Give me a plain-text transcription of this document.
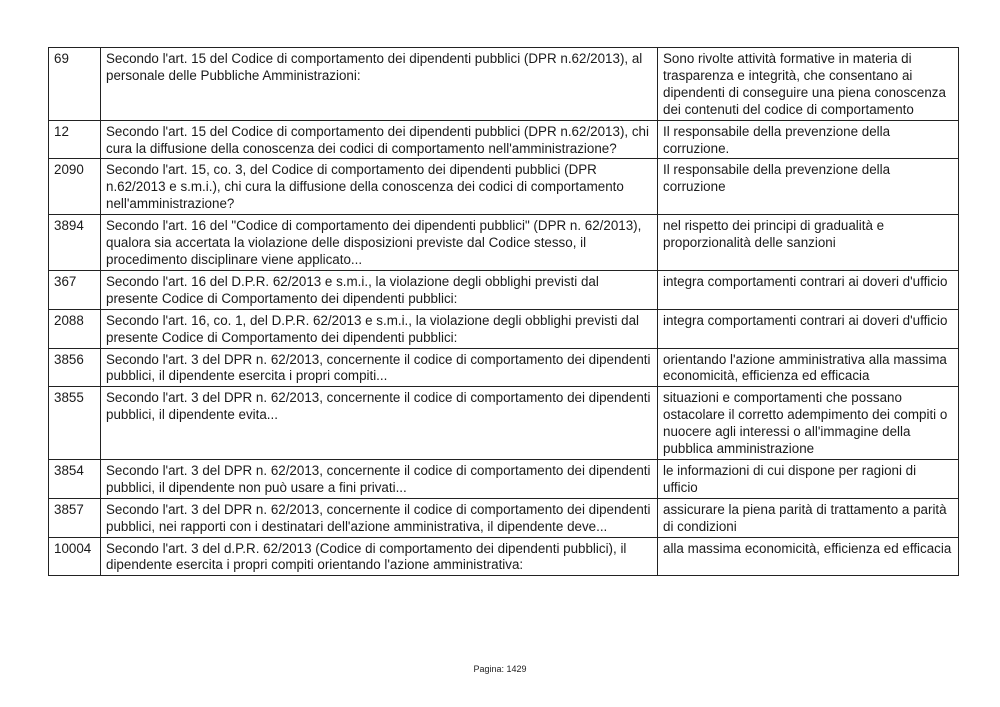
69	Secondo l'art. 15 del Codice di comportamento dei dipendenti pubblici (DPR n.62/2013), al personale delle Pubbliche Amministrazioni:	Sono rivolte attività formative in materia di trasparenza e integrità, che consentano ai dipendenti di conseguire una piena conoscenza dei contenuti del codice di comportamento
12	Secondo l'art. 15 del Codice di comportamento dei dipendenti pubblici (DPR n.62/2013), chi cura la diffusione della conoscenza dei codici di comportamento nell'amministrazione?	Il responsabile della prevenzione della corruzione.
2090	Secondo l'art. 15, co. 3, del Codice di comportamento dei dipendenti pubblici (DPR n.62/2013 e s.m.i.), chi cura la diffusione della conoscenza dei codici di comportamento nell'amministrazione?	Il responsabile della prevenzione della corruzione
3894	Secondo l'art. 16 del "Codice di comportamento dei dipendenti pubblici" (DPR n. 62/2013), qualora sia accertata la violazione delle disposizioni previste dal Codice stesso, il procedimento disciplinare viene applicato...	nel rispetto dei principi di gradualità e proporzionalità delle sanzioni
367	Secondo l'art. 16 del D.P.R. 62/2013 e s.m.i., la violazione degli obblighi previsti dal presente Codice di Comportamento dei dipendenti pubblici:	integra comportamenti contrari ai doveri d'ufficio
2088	Secondo l'art. 16, co. 1, del D.P.R. 62/2013 e s.m.i., la violazione degli obblighi previsti dal presente Codice di Comportamento dei dipendenti pubblici:	integra comportamenti contrari ai doveri d'ufficio
3856	Secondo l'art. 3 del DPR n. 62/2013, concernente il codice di comportamento dei dipendenti pubblici, il dipendente esercita i propri compiti...	orientando l'azione amministrativa alla massima economicità, efficienza ed efficacia
3855	Secondo l'art. 3 del DPR n. 62/2013, concernente il codice di comportamento dei dipendenti pubblici, il dipendente evita...	situazioni e comportamenti che possano ostacolare il corretto adempimento dei compiti o nuocere agli interessi o all'immagine della pubblica amministrazione
3854	Secondo l'art. 3 del DPR n. 62/2013, concernente il codice di comportamento dei dipendenti pubblici, il dipendente non può usare a fini privati...	le informazioni di cui dispone per ragioni di ufficio
3857	Secondo l'art. 3 del DPR n. 62/2013, concernente il codice di comportamento dei dipendenti pubblici, nei rapporti con i destinatari dell'azione amministrativa, il dipendente deve...	assicurare la piena parità di trattamento a parità di condizioni
10004	Secondo l'art. 3 del d.P.R. 62/2013 (Codice di comportamento dei dipendenti pubblici), il dipendente esercita i propri compiti orientando l'azione amministrativa:	alla massima economicità, efficienza ed efficacia
Pagina: 1429
